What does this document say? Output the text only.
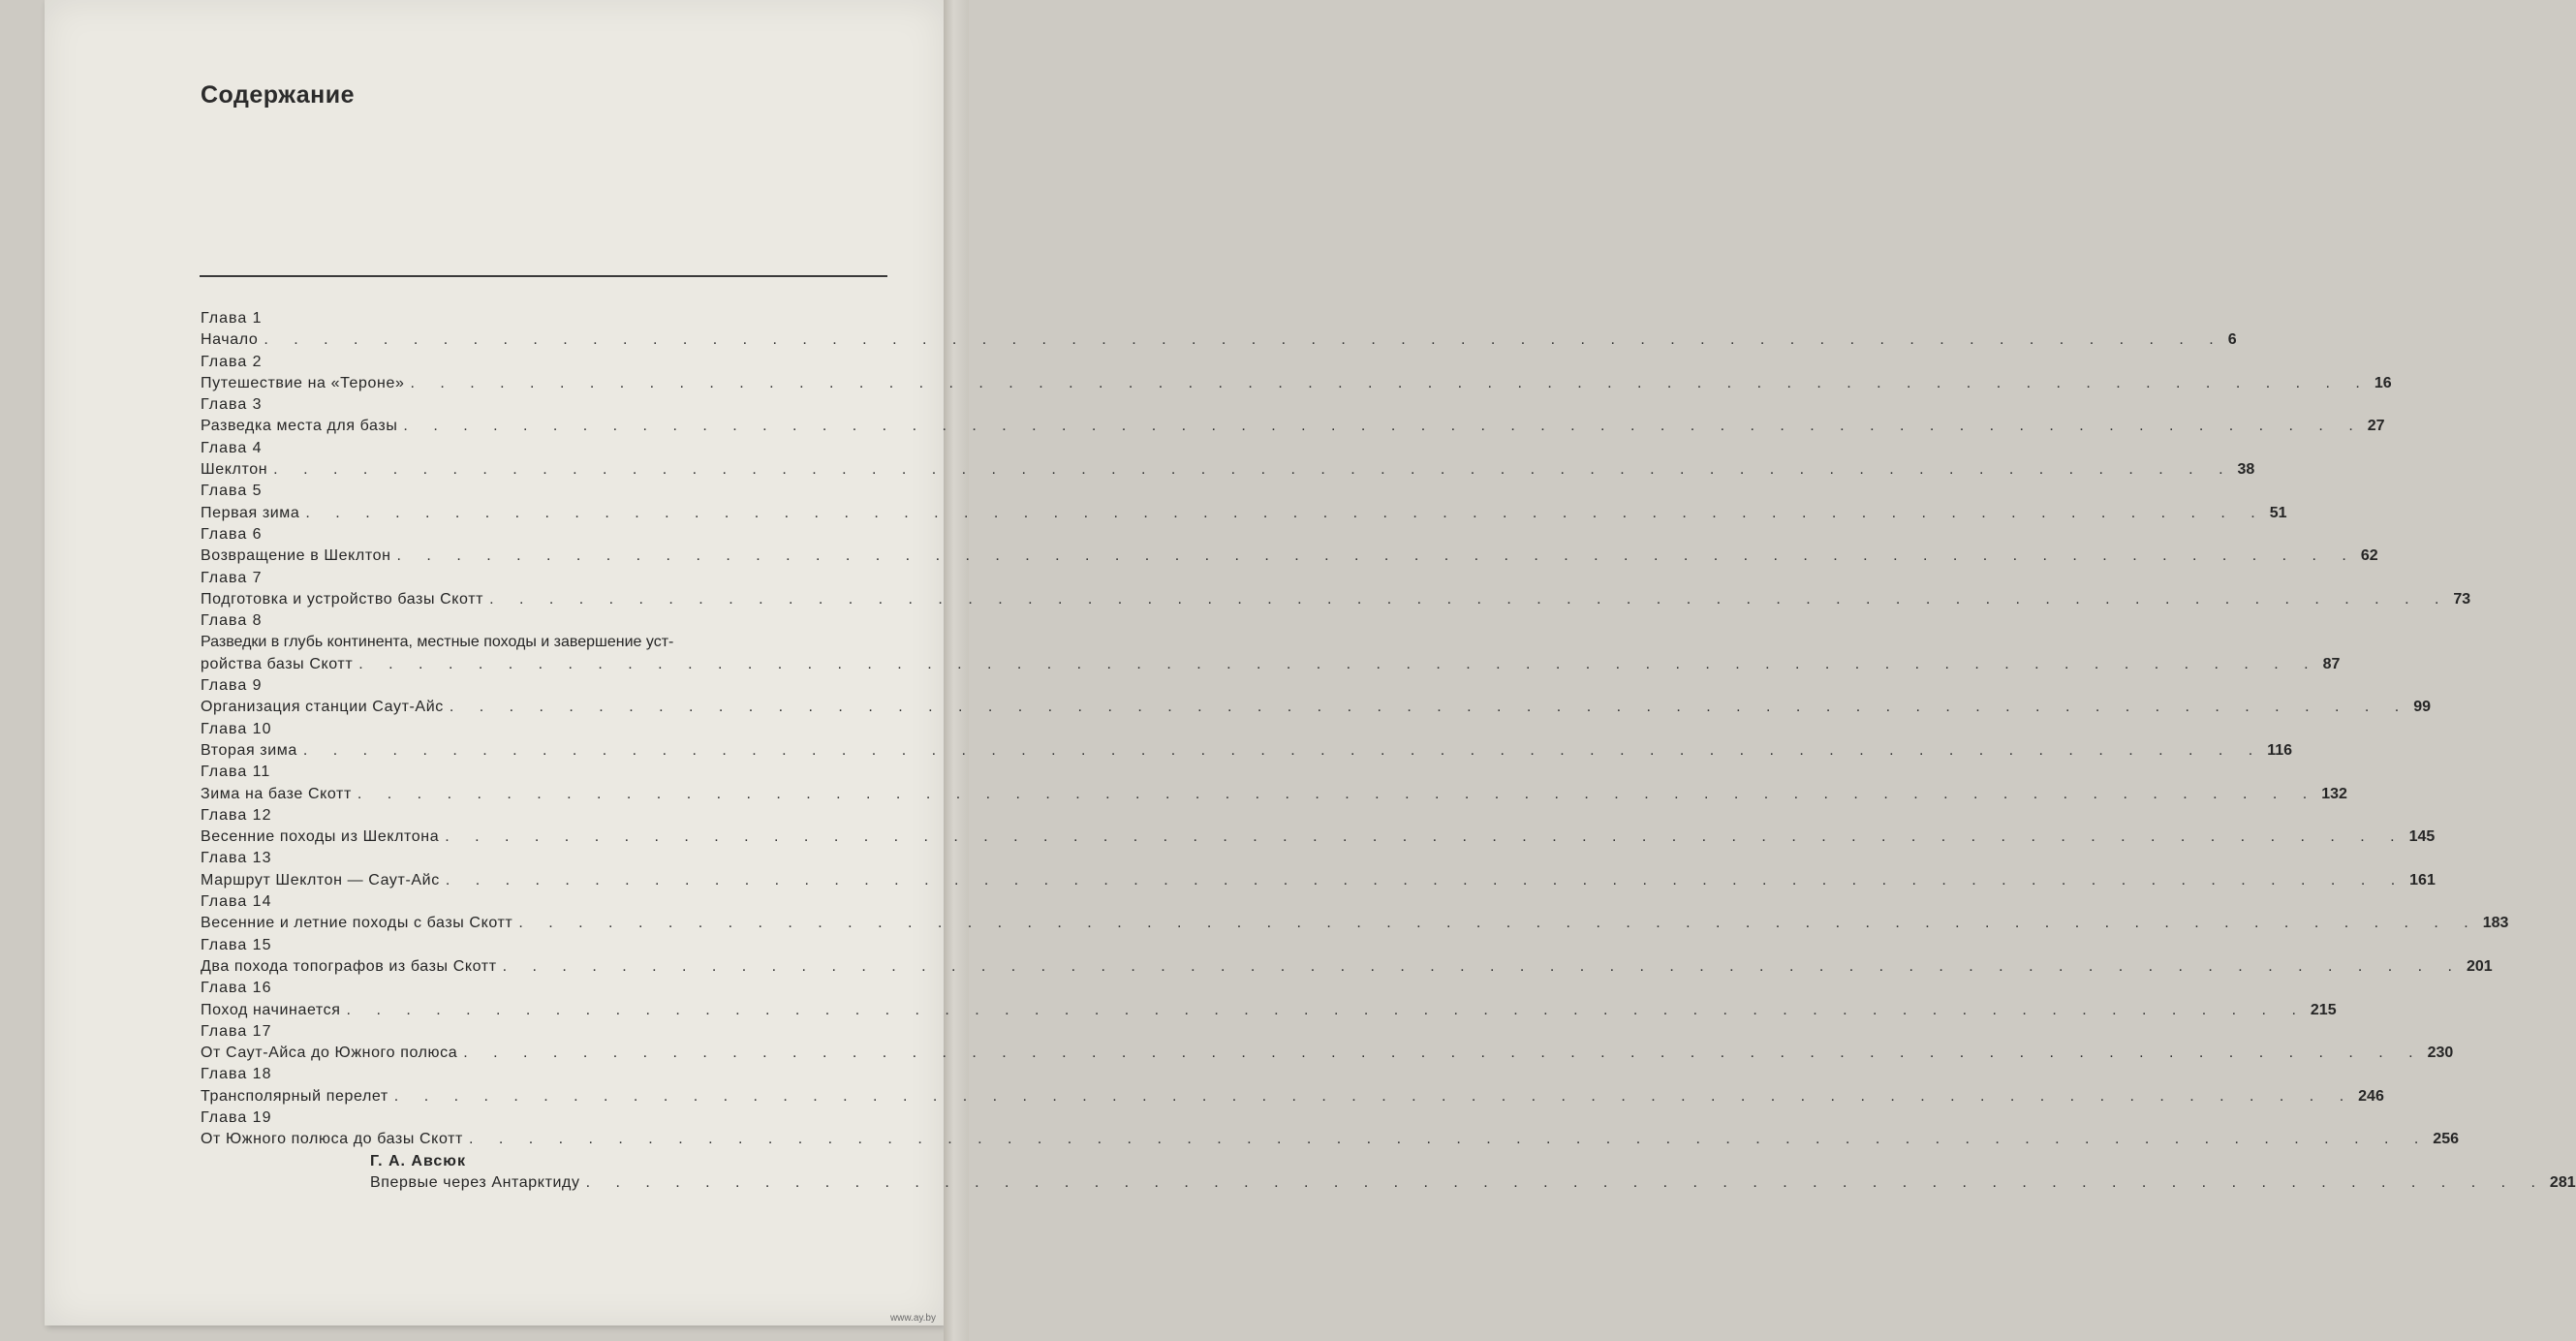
Содержание
Глава 1
Начало . . . . . . . . . . . . . . . . . . . . . . . . . . . . . . . . . . . . . . . . . . . . . . . . . . . . . . . . . . . . . . . . . . 6
Глава 2
Путешествие на «Тероне» . . . . . . . . . . . . . . . . . . . . . . . . . . . . . . . . . . . . . . . . . . . . . . . . . . . . . . . . . . . . . . . . . . 16
Глава 3
Разведка места для базы . . . . . . . . . . . . . . . . . . . . . . . . . . . . . . . . . . . . . . . . . . . . . . . . . . . . . . . . . . . . . . . . . . 27
Глава 4
Шеклтон . . . . . . . . . . . . . . . . . . . . . . . . . . . . . . . . . . . . . . . . . . . . . . . . . . . . . . . . . . . . . . . . . . 38
Глава 5
Первая зима . . . . . . . . . . . . . . . . . . . . . . . . . . . . . . . . . . . . . . . . . . . . . . . . . . . . . . . . . . . . . . . . . . 51
Глава 6
Возвращение в Шеклтон . . . . . . . . . . . . . . . . . . . . . . . . . . . . . . . . . . . . . . . . . . . . . . . . . . . . . . . . . . . . . . . . . . 62
Глава 7
Подготовка и устройство базы Скотт . . . . . . . . . . . . . . . . . . . . . . . . . . . . . . . . . . . . . . . . . . . . . . . . . . . . . . . . . . . . . . . . . . 73
Глава 8
Разведки в глубь континента, местные походы и завершение уст-
ройства базы Скотт . . . . . . . . . . . . . . . . . . . . . . . . . . . . . . . . . . . . . . . . . . . . . . . . . . . . . . . . . . . . . . . . . . 87
Глава 9
Организация станции Саут-Айс . . . . . . . . . . . . . . . . . . . . . . . . . . . . . . . . . . . . . . . . . . . . . . . . . . . . . . . . . . . . . . . . . . 99
Глава 10
Вторая зима . . . . . . . . . . . . . . . . . . . . . . . . . . . . . . . . . . . . . . . . . . . . . . . . . . . . . . . . . . . . . . . . . . 116
Глава 11
Зима на базе Скотт . . . . . . . . . . . . . . . . . . . . . . . . . . . . . . . . . . . . . . . . . . . . . . . . . . . . . . . . . . . . . . . . . . 132
Глава 12
Весенние походы из Шеклтона . . . . . . . . . . . . . . . . . . . . . . . . . . . . . . . . . . . . . . . . . . . . . . . . . . . . . . . . . . . . . . . . . . 145
Глава 13
Маршрут Шеклтон — Саут-Айс . . . . . . . . . . . . . . . . . . . . . . . . . . . . . . . . . . . . . . . . . . . . . . . . . . . . . . . . . . . . . . . . . . 161
Глава 14
Весенние и летние походы с базы Скотт . . . . . . . . . . . . . . . . . . . . . . . . . . . . . . . . . . . . . . . . . . . . . . . . . . . . . . . . . . . . . . . . . . 183
Глава 15
Два похода топографов из базы Скотт . . . . . . . . . . . . . . . . . . . . . . . . . . . . . . . . . . . . . . . . . . . . . . . . . . . . . . . . . . . . . . . . . . 201
Глава 16
Поход начинается . . . . . . . . . . . . . . . . . . . . . . . . . . . . . . . . . . . . . . . . . . . . . . . . . . . . . . . . . . . . . . . . . . 215
Глава 17
От Саут-Айса до Южного полюса . . . . . . . . . . . . . . . . . . . . . . . . . . . . . . . . . . . . . . . . . . . . . . . . . . . . . . . . . . . . . . . . . . 230
Глава 18
Трансполярный перелет . . . . . . . . . . . . . . . . . . . . . . . . . . . . . . . . . . . . . . . . . . . . . . . . . . . . . . . . . . . . . . . . . . 246
Глава 19
От Южного полюса до базы Скотт . . . . . . . . . . . . . . . . . . . . . . . . . . . . . . . . . . . . . . . . . . . . . . . . . . . . . . . . . . . . . . . . . . 256
Г. А. Авсюк
Впервые через Антарктиду . . . . . . . . . . . . . . . . . . . . . . . . . . . . . . . . . . . . . . . . . . . . . . . . . . . . . . . . . . . . . . . . . . 281
www.ay.by
